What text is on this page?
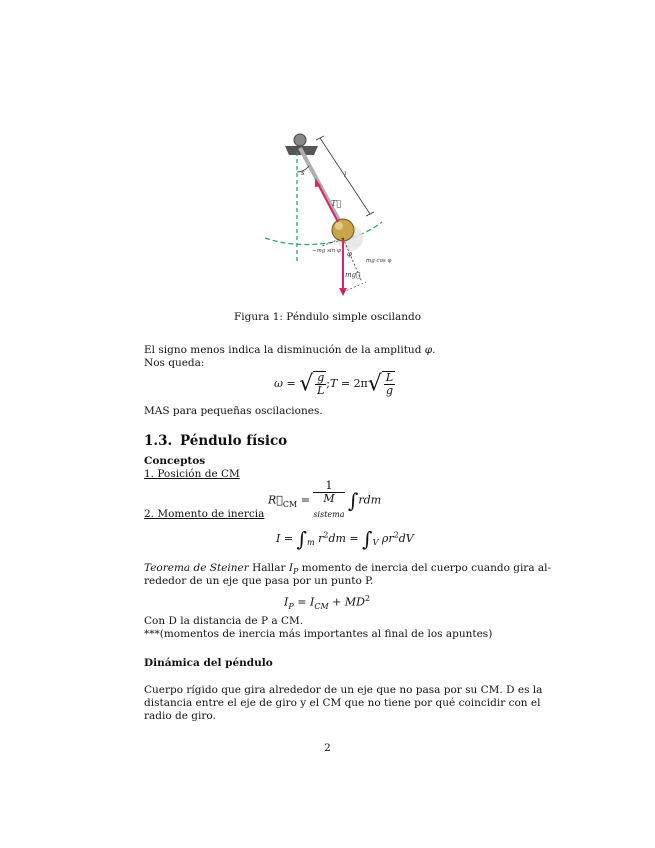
s	l
T⃗
mg⃗
−mg sin φ
mg cos φ
φ
Figura 1: Péndulo simple oscilando
El signo menos indica la disminución de la amplitud φ.
Nos queda:
ω = √ $\frac{g}{L}$ ;T = $2\pi√ \frac{L}{g}$
MAS para pequeñas oscilaciones.
1.3. Péndulo físico
Conceptos
1. Posición de CM
$R⃗_{CM} = 1$
M
$_{sistema}$ ∫rdm
2. Momento de inercia
$I = \int_m$ $r^2dm = \int_V$ $\rho r^2dV$
Teorema de Steiner Hallar $I_P$ momento de inercia del cuerpo cuando gira al-
rededor de un eje que pasa por un punto P.
$I_P = I_{CM} + MD^2$
Con D la distancia de P a CM.
***(momentos de inercia más importantes al final de los apuntes)
Dinámica del péndulo
Cuerpo rígido que gira alrededor de un eje que no pasa por su CM. D es la
distancia entre el eje de giro y el CM que no tiene por qué coincidir con el
radio de giro.
2
